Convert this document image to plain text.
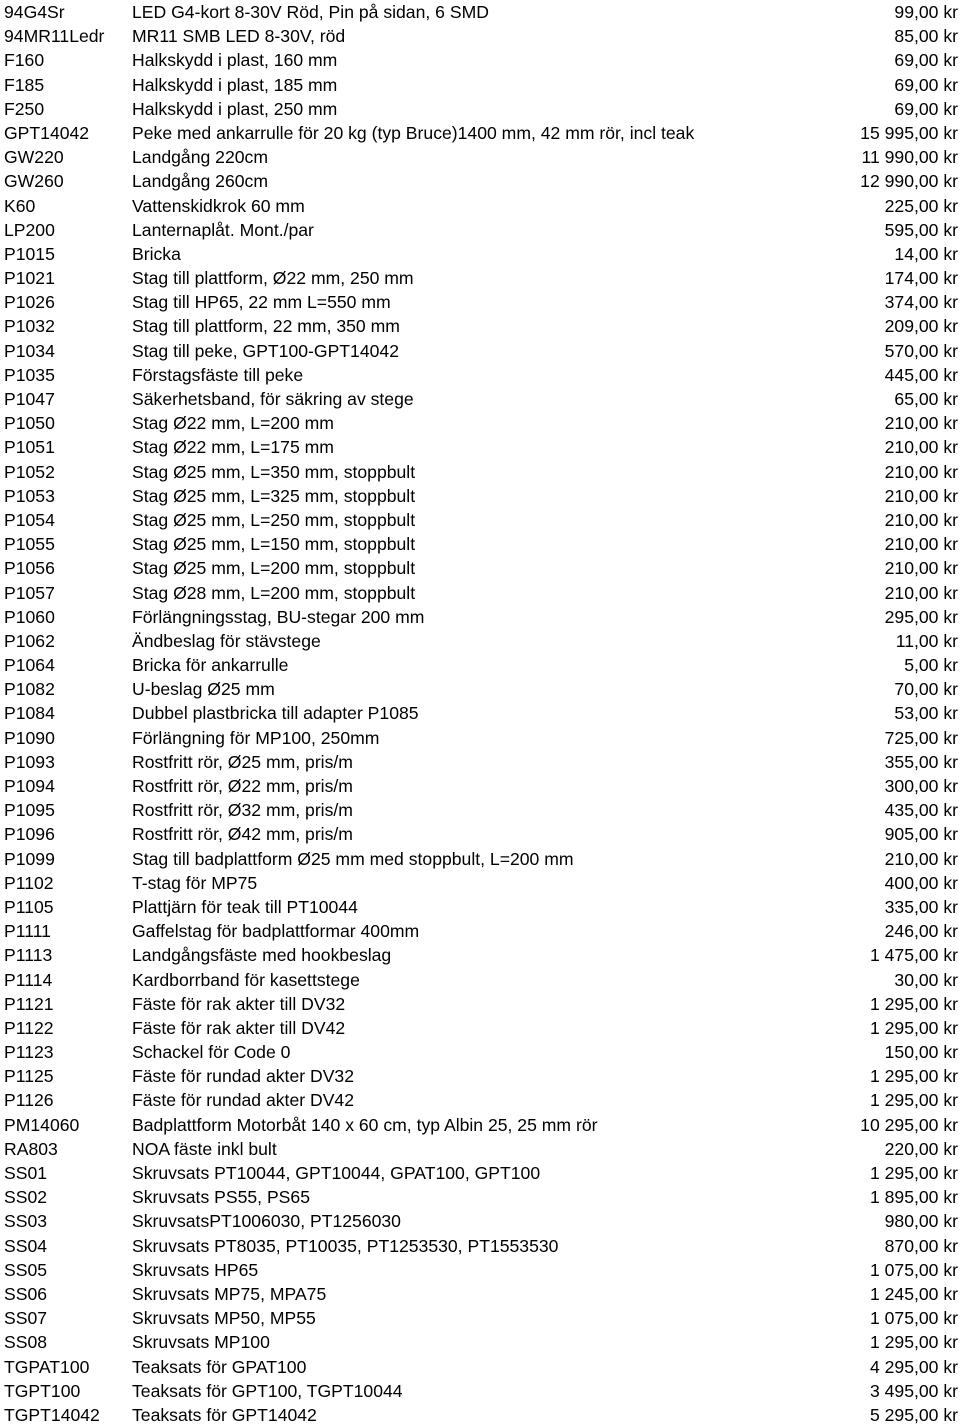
94G4Sr	LED G4-kort 8-30V Röd, Pin på sidan, 6 SMD	99,00 kr
94MR11Ledr MR11 SMB LED 8-30V, röd	85,00 kr
F160	Halkskydd i plast, 160 mm	69,00 kr
F185	Halkskydd i plast, 185 mm	69,00 kr
F250	Halkskydd i plast, 250 mm	69,00 kr
GPT14042 Peke med ankarrulle för 20 kg (typ Bruce)1400 mm, 42 mm rör, incl teak	15 995,00 kr
GW220	Landgång 220cm	11 990,00 kr
GW260	Landgång 260cm	12 990,00 kr
K60	Vattenskidkrok 60 mm	225,00 kr
LP200	Lanternaplåt. Mont./par	595,00 kr
P1015	Bricka	14,00 kr
P1021	Stag till plattform, Ø22 mm, 250 mm	174,00 kr
P1026	Stag till HP65, 22 mm L=550 mm	374,00 kr
P1032	Stag till plattform, 22 mm, 350 mm	209,00 kr
P1034	Stag till peke, GPT100-GPT14042	570,00 kr
P1035	Förstagsfäste till peke	445,00 kr
P1047	Säkerhetsband, för säkring av stege	65,00 kr
P1050	Stag Ø22 mm, L=200 mm	210,00 kr
P1051	Stag Ø22 mm, L=175 mm	210,00 kr
P1052	Stag Ø25 mm, L=350 mm, stoppbult	210,00 kr
P1053	Stag Ø25 mm, L=325 mm, stoppbult	210,00 kr
P1054	Stag Ø25 mm, L=250 mm, stoppbult	210,00 kr
P1055	Stag Ø25 mm, L=150 mm, stoppbult	210,00 kr
P1056	Stag Ø25 mm, L=200 mm, stoppbult	210,00 kr
P1057	Stag Ø28 mm, L=200 mm, stoppbult	210,00 kr
P1060	Förlängningsstag, BU-stegar 200 mm	295,00 kr
P1062	Ändbeslag för stävstege	11,00 kr
P1064	Bricka för ankarrulle	5,00 kr
P1082	U-beslag Ø25 mm	70,00 kr
P1084	Dubbel plastbricka till adapter P1085	53,00 kr
P1090	Förlängning för MP100, 250mm	725,00 kr
P1093	Rostfritt rör, Ø25 mm, pris/m	355,00 kr
P1094	Rostfritt rör, Ø22 mm, pris/m	300,00 kr
P1095	Rostfritt rör, Ø32 mm, pris/m	435,00 kr
P1096	Rostfritt rör, Ø42 mm, pris/m	905,00 kr
P1099	Stag till badplattform Ø25 mm med stoppbult, L=200 mm	210,00 kr
P1102	T-stag för MP75	400,00 kr
P1105	Plattjärn för teak till PT10044	335,00 kr
P1111	Gaffelstag för badplattformar 400mm	246,00 kr
P1113	Landgångsfäste med hookbeslag	1 475,00 kr
P1114	Kardborrband för kasettstege	30,00 kr
P1121	Fäste för rak akter till DV32	1 295,00 kr
P1122	Fäste för rak akter till DV42	1 295,00 kr
P1123	Schackel för Code 0	150,00 kr
P1125	Fäste för rundad akter DV32	1 295,00 kr
P1126	Fäste för rundad akter DV42	1 295,00 kr
PM14060	Badplattform Motorbåt 140 x 60 cm, typ Albin 25, 25 mm rör	10 295,00 kr
RA803	NOA fäste inkl bult	220,00 kr
SS01	Skruvsats PT10044, GPT10044, GPAT100, GPT100	1 295,00 kr
SS02	Skruvsats PS55, PS65	1 895,00 kr
SS03	SkruvsatsPT1006030, PT1256030	980,00 kr
SS04	Skruvsats PT8035, PT10035, PT1253530, PT1553530	870,00 kr
SS05	Skruvsats HP65	1 075,00 kr
SS06	Skruvsats MP75, MPA75	1 245,00 kr
SS07	Skruvsats MP50, MP55	1 075,00 kr
SS08	Skruvsats MP100	1 295,00 kr
TGPAT100 Teaksats för GPAT100	4 295,00 kr
TGPT100	Teaksats för GPT100, TGPT10044	3 495,00 kr
TGPT14042 Teaksats för GPT14042	5 295,00 kr
